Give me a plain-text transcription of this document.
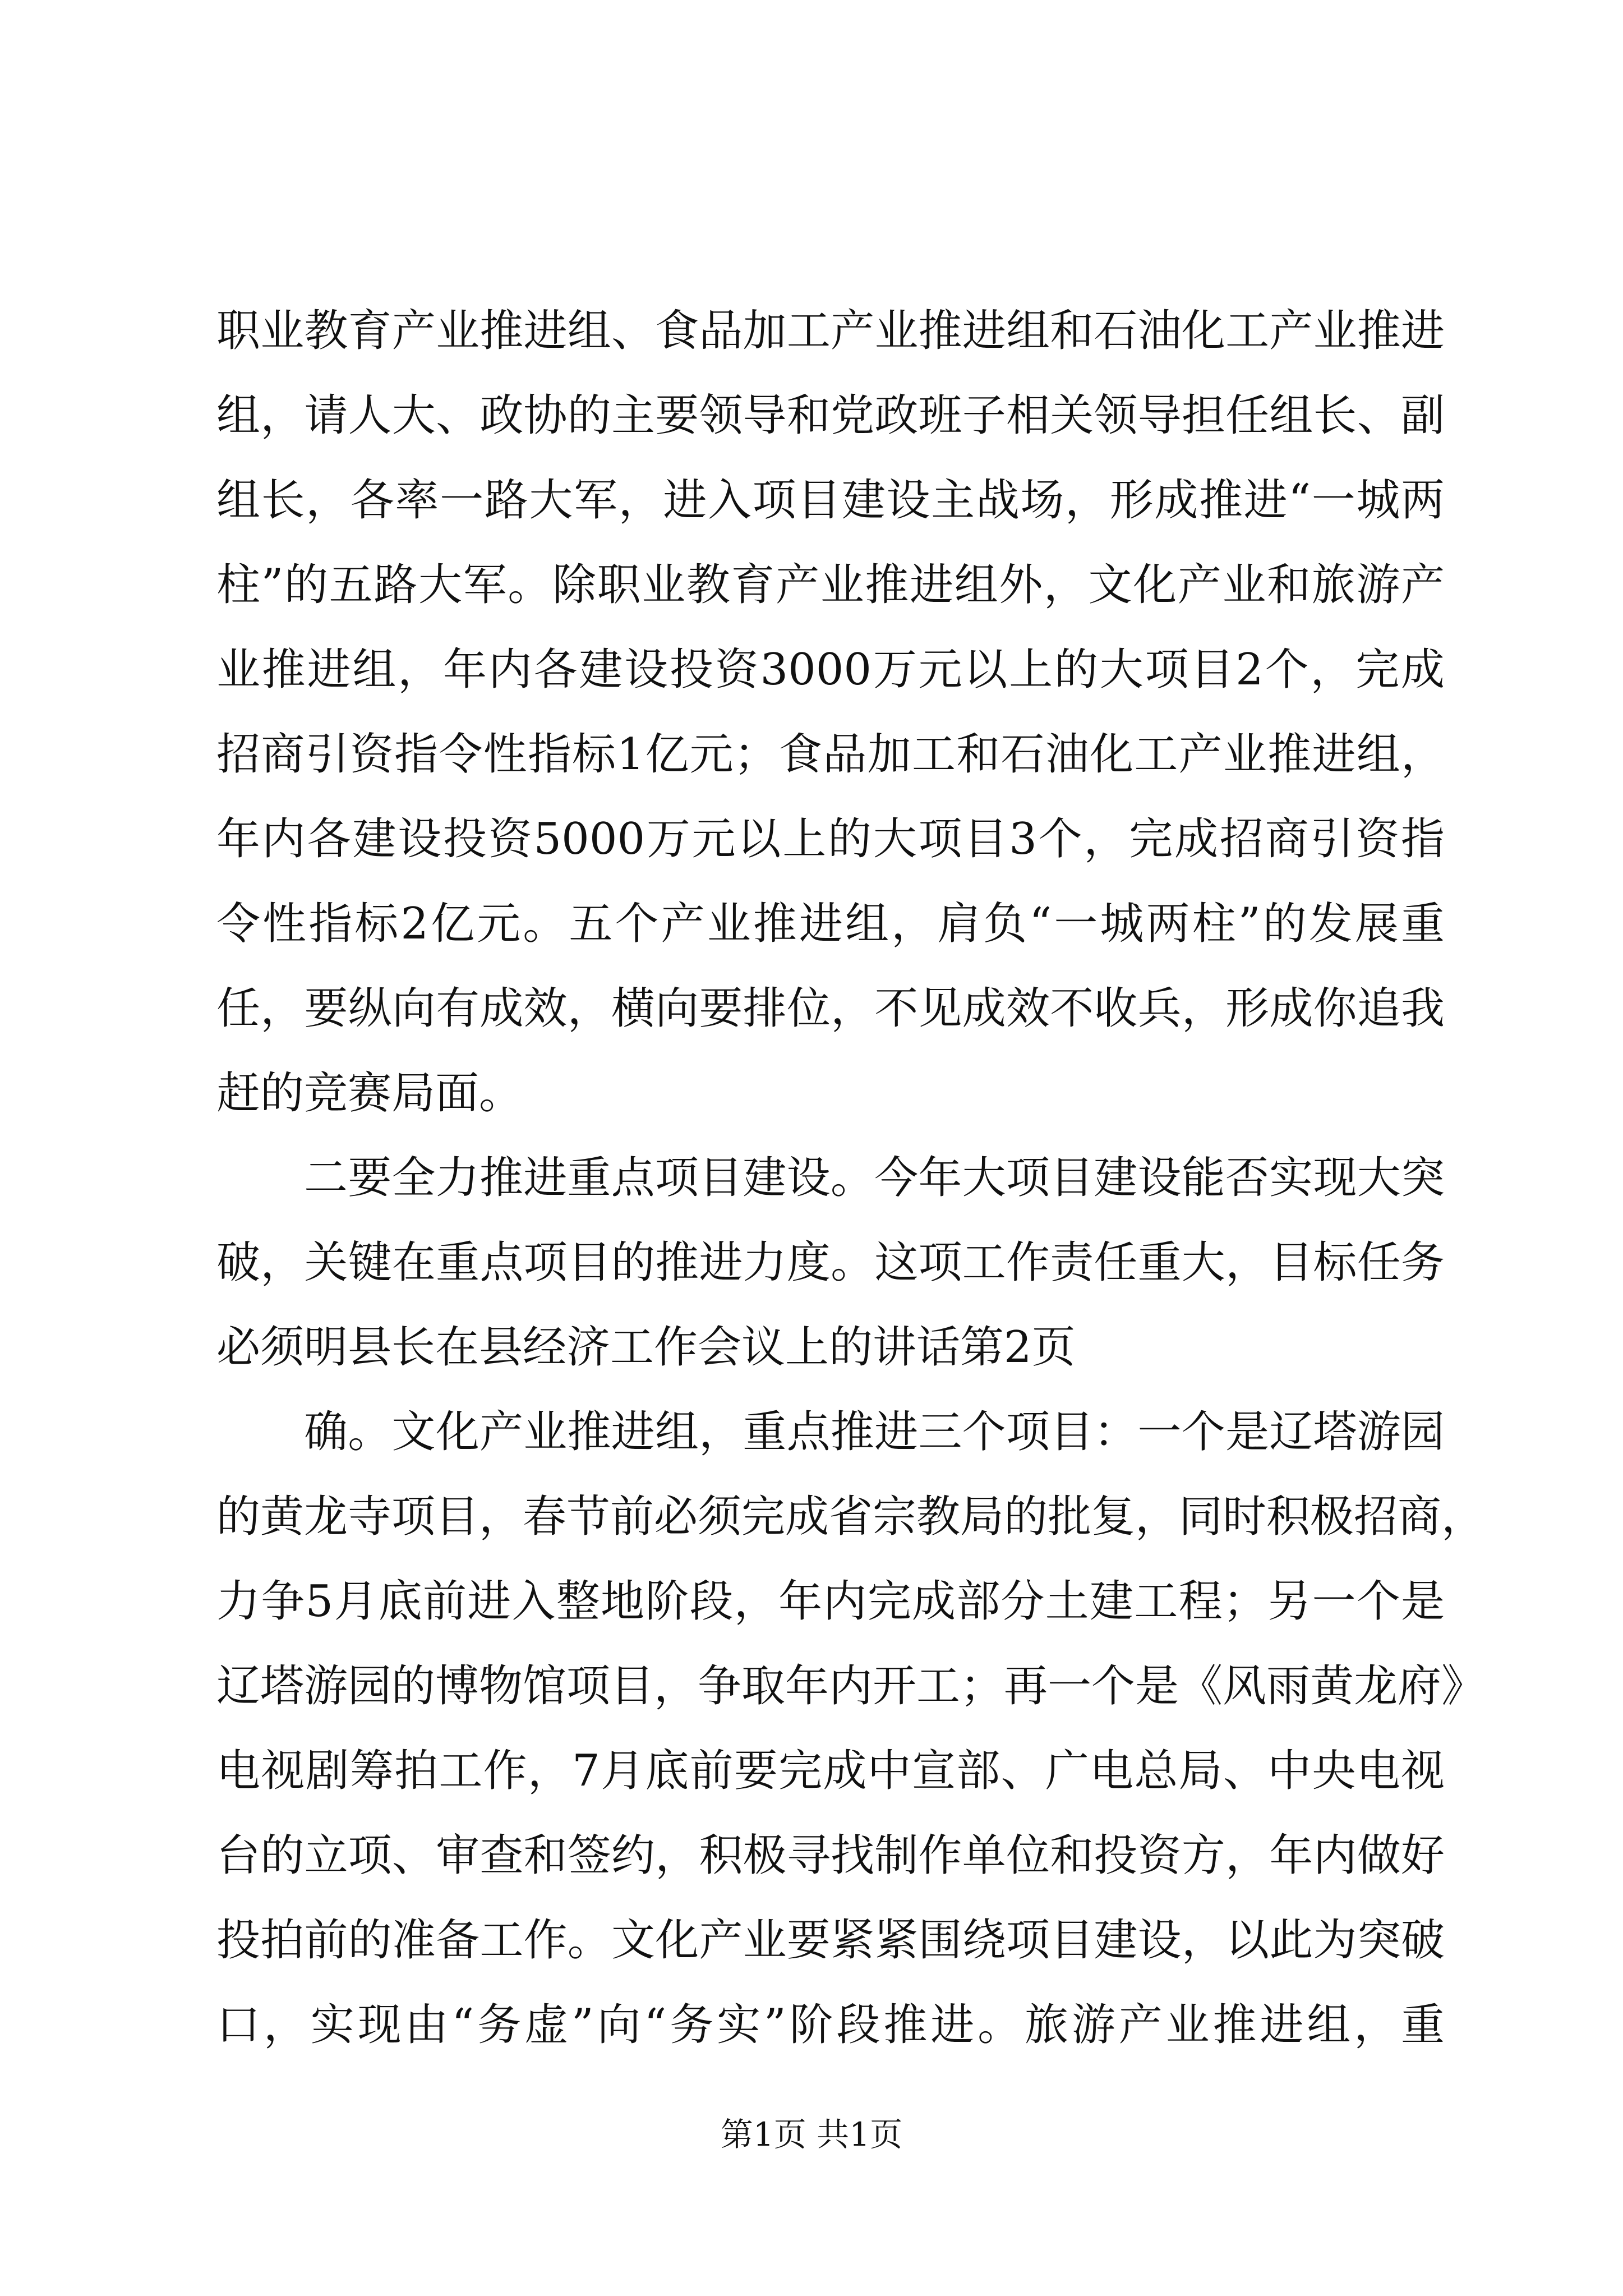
职业教育产业推进组、食品加工产业推进组和石油化工产业推进
组，请人大、政协的主要领导和党政班子相关领导担任组长、副
组长，各率一路大军，进入项目建设主战场，形成推进“一城两
柱”的五路大军。除职业教育产业推进组外，文化产业和旅游产
业推进组，年内各建设投资3000万元以上的大项目2个，完成
招商引资指令性指标1亿元；食品加工和石油化工产业推进组，
年内各建设投资5000万元以上的大项目3个，完成招商引资指
令性指标2亿元。五个产业推进组，肩负“一城两柱”的发展重
任，要纵向有成效，横向要排位，不见成效不收兵，形成你追我
赶的竞赛局面。
二要全力推进重点项目建设。今年大项目建设能否实现大突
破，关键在重点项目的推进力度。这项工作责任重大，目标任务
必须明县长在县经济工作会议上的讲话第2页
确。文化产业推进组，重点推进三个项目：一个是辽塔游园
的黄龙寺项目，春节前必须完成省宗教局的批复，同时积极招商，
力争5月底前进入整地阶段，年内完成部分土建工程；另一个是
辽塔游园的博物馆项目，争取年内开工；再一个是《风雨黄龙府》
电视剧筹拍工作，7月底前要完成中宣部、广电总局、中央电视
台的立项、审查和签约，积极寻找制作单位和投资方，年内做好
投拍前的准备工作。文化产业要紧紧围绕项目建设，以此为突破
口，实现由“务虚”向“务实”阶段推进。旅游产业推进组，重
第1页 共1页
